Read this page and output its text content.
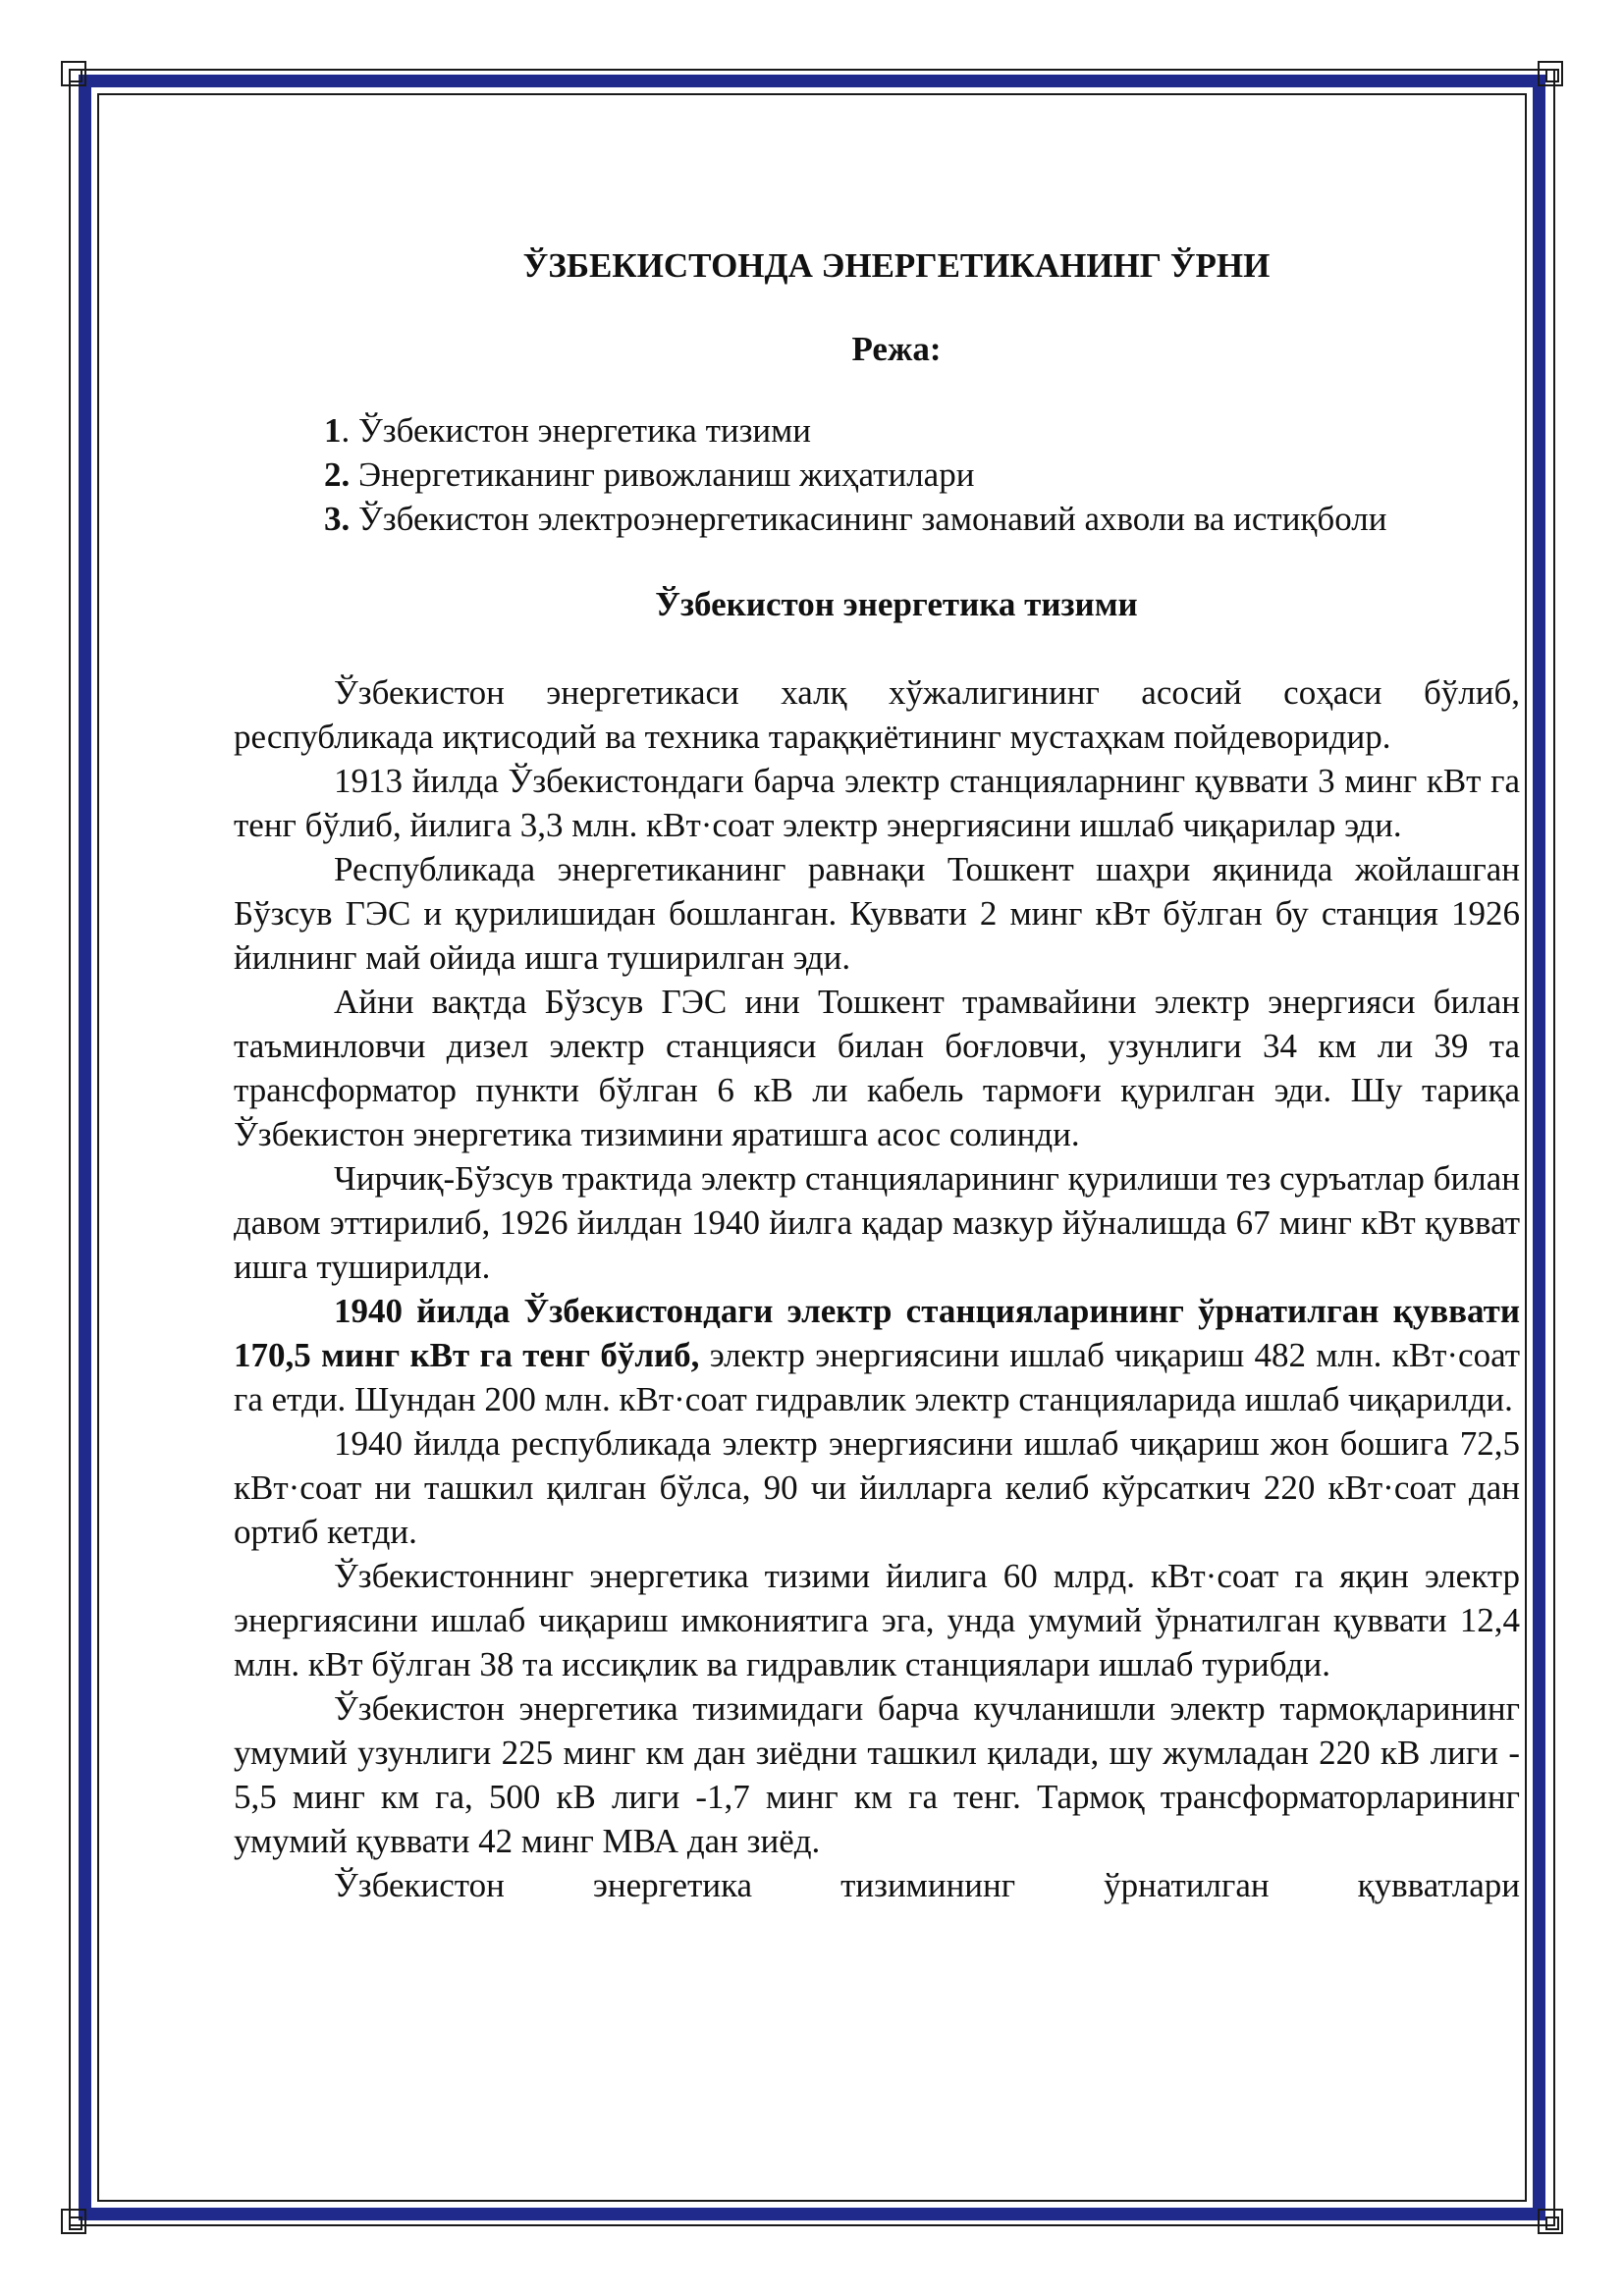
ЎЗБЕКИСТОНДА ЭНЕРГЕТИКАНИНГ ЎРНИ
Режа:
1. Ўзбекистон энергетика тизими
2. Энергетиканинг ривожланиш жиҳатилари
3. Ўзбекистон электроэнергетикасининг замонавий ахволи ва истиқболи
Ўзбекистон энергетика тизими

Ўзбекистон энергетикаси халқ хўжалигининг асосий соҳаси бўлиб, республикада иқтисодий ва техника тараққиётининг мустаҳкам пойдеворидир.

1913 йилда Ўзбекистондаги барча электр станцияларнинг қуввати 3 минг кВт га тенг бўлиб, йилига 3,3 млн. кВт·соат электр энергиясини ишлаб чиқарилар эди.

Республикада энергетиканинг равнақи Тошкент шаҳри яқинида жойлашган Бўзсув ГЭС и қурилишидан бошланган. Куввати 2 минг кВт бўлган бу станция 1926 йилнинг май ойида ишга туширилган эди.

Айни вақтда Бўзсув ГЭС ини Тошкент трамвайини электр энергияси билан таъминловчи дизел электр станцияси билан боғловчи, узунлиги 34 км ли 39 та трансформатор пункти бўлган 6 кВ ли кабель тармоғи қурилган эди. Шу тариқа Ўзбекистон энергетика тизимини яратишга асос солинди.

Чирчиқ-Бўзсув трактида электр станцияларининг қурилиши тез суръатлар билан давом эттирилиб, 1926 йилдан 1940 йилга қадар мазкур йўналишда 67 минг кВт қувват ишга туширилди.

1940 йилда Ўзбекистондаги электр станцияларининг ўрнатилган қуввати 170,5 минг кВт га тенг бўлиб, электр энергиясини ишлаб чиқариш 482 млн. кВт·соат га етди. Шундан 200 млн. кВт·соат гидравлик электр станцияларида ишлаб чиқарилди.

1940 йилда республикада электр энергиясини ишлаб чиқариш жон бошига 72,5 кВт·соат ни ташкил қилган бўлса, 90 чи йилларга келиб кўрсаткич 220 кВт·соат дан ортиб кетди.

Ўзбекистоннинг энергетика тизими йилига 60 млрд. кВт·соат га яқин электр энергиясини ишлаб чиқариш имкониятига эга, унда умумий ўрнатилган қуввати 12,4 млн. кВт бўлган 38 та иссиқлик ва гидравлик станциялари ишлаб турибди.

Ўзбекистон энергетика тизимидаги барча кучланишли электр тармоқларининг умумий узунлиги 225 минг км дан зиёдни ташкил қилади, шу жумладан 220 кВ лиги - 5,5 минг км га, 500 кВ лиги -1,7 минг км га тенг. Тармоқ трансформаторларининг умумий қуввати 42 минг МВА дан зиёд.

Ўзбекистон энергетика тизимининг ўрнатилган қувватлари
